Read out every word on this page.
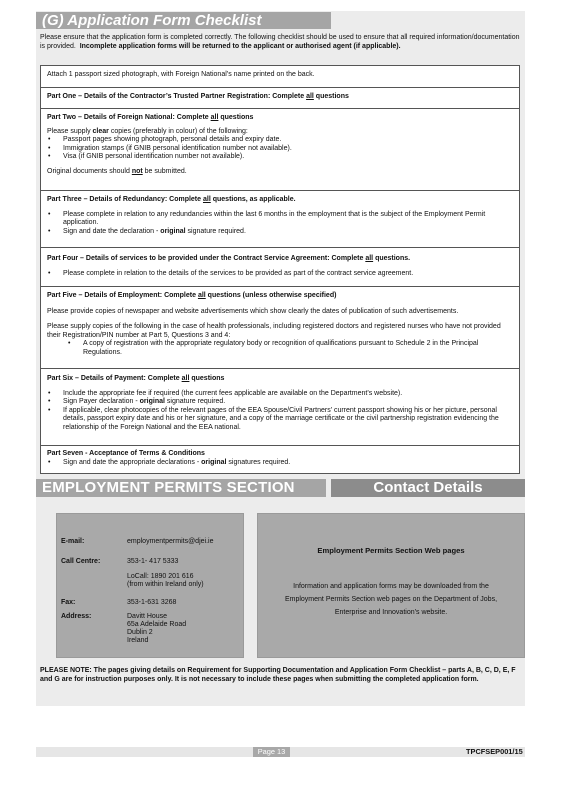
(G) Application Form Checklist
Please ensure that the application form is completed correctly. The following checklist should be used to ensure that all required information/documentation is provided. Incomplete application forms will be returned to the applicant or authorised agent (if applicable).

Attach 1 passport sized photograph, with Foreign National’s name printed on the back.

Part One – Details of the Contractor’s Trusted Partner Registration: Complete all questions

Part Two – Details of Foreign National: Complete all questions

Please supply clear copies (preferably in colour) of the following:

• Passport pages showing photograph, personal details and expiry date.
• Immigration stamps (if GNIB personal identification number not available).
• Visa (if GNIB personal identification number not available).

Original documents should not be submitted.

Part Three – Details of Redundancy: Complete all questions, as applicable.

• Please complete in relation to any redundancies within the last 6 months in the employment that is the subject of the Employment Permit application.
• Sign and date the declaration - original signature required.

Part Four – Details of services to be provided under the Contract Service Agreement: Complete all questions.

• Please complete in relation to the details of the services to be provided as part of the contract service agreement.

Part Five – Details of Employment: Complete all questions (unless otherwise specified)

Please provide copies of newspaper and website advertisements which show clearly the dates of publication of such advertisements.

Please supply copies of the following in the case of health professionals, including registered doctors and registered nurses who have not provided their Registration/PIN number at Part 5, Questions 3 and 4:

• A copy of registration with the appropriate regulatory body or recognition of qualifications pursuant to Schedule 2 in the Principal Regulations.

Part Six – Details of Payment: Complete all questions

• Include the appropriate fee if required (the current fees applicable are available on the Department’s website).
• Sign Payer declaration - original signature required.
• If applicable, clear photocopies of the relevant pages of the EEA Spouse/Civil Partners’ current passport showing his or her picture, personal details, passport expiry date and his or her signature, and a copy of the marriage certificate or the civil partnership registration evidencing the relationship of the Foreign National and the EEA national.

Part Seven - Acceptance of Terms & Conditions

• Sign and date the appropriate declarations - original signatures required.
EMPLOYMENT PERMITS SECTION	Contact Details
E-mail:	employmentpermits@djei.ie
Call Centre:	353-1- 417 5333
LoCall: 1890 201 616
(from within Ireland only)
Fax:	353-1-631 3268
Address:	Davitt House
65a Adelaide Road
Dublin 2
Ireland
Employment Permits Section Web pages
Information and application forms may be downloaded from the
Employment Permits Section web pages on the Department of Jobs,
Enterprise and Innovation’s website.
PLEASE NOTE: The pages giving details on Requirement for Supporting Documentation and Application Form Checklist – parts A, B, C, D, E, F and G are for instruction purposes only. It is not necessary to include these pages when submitting the completed application form.
Page 13	TPCFSEP001/15
